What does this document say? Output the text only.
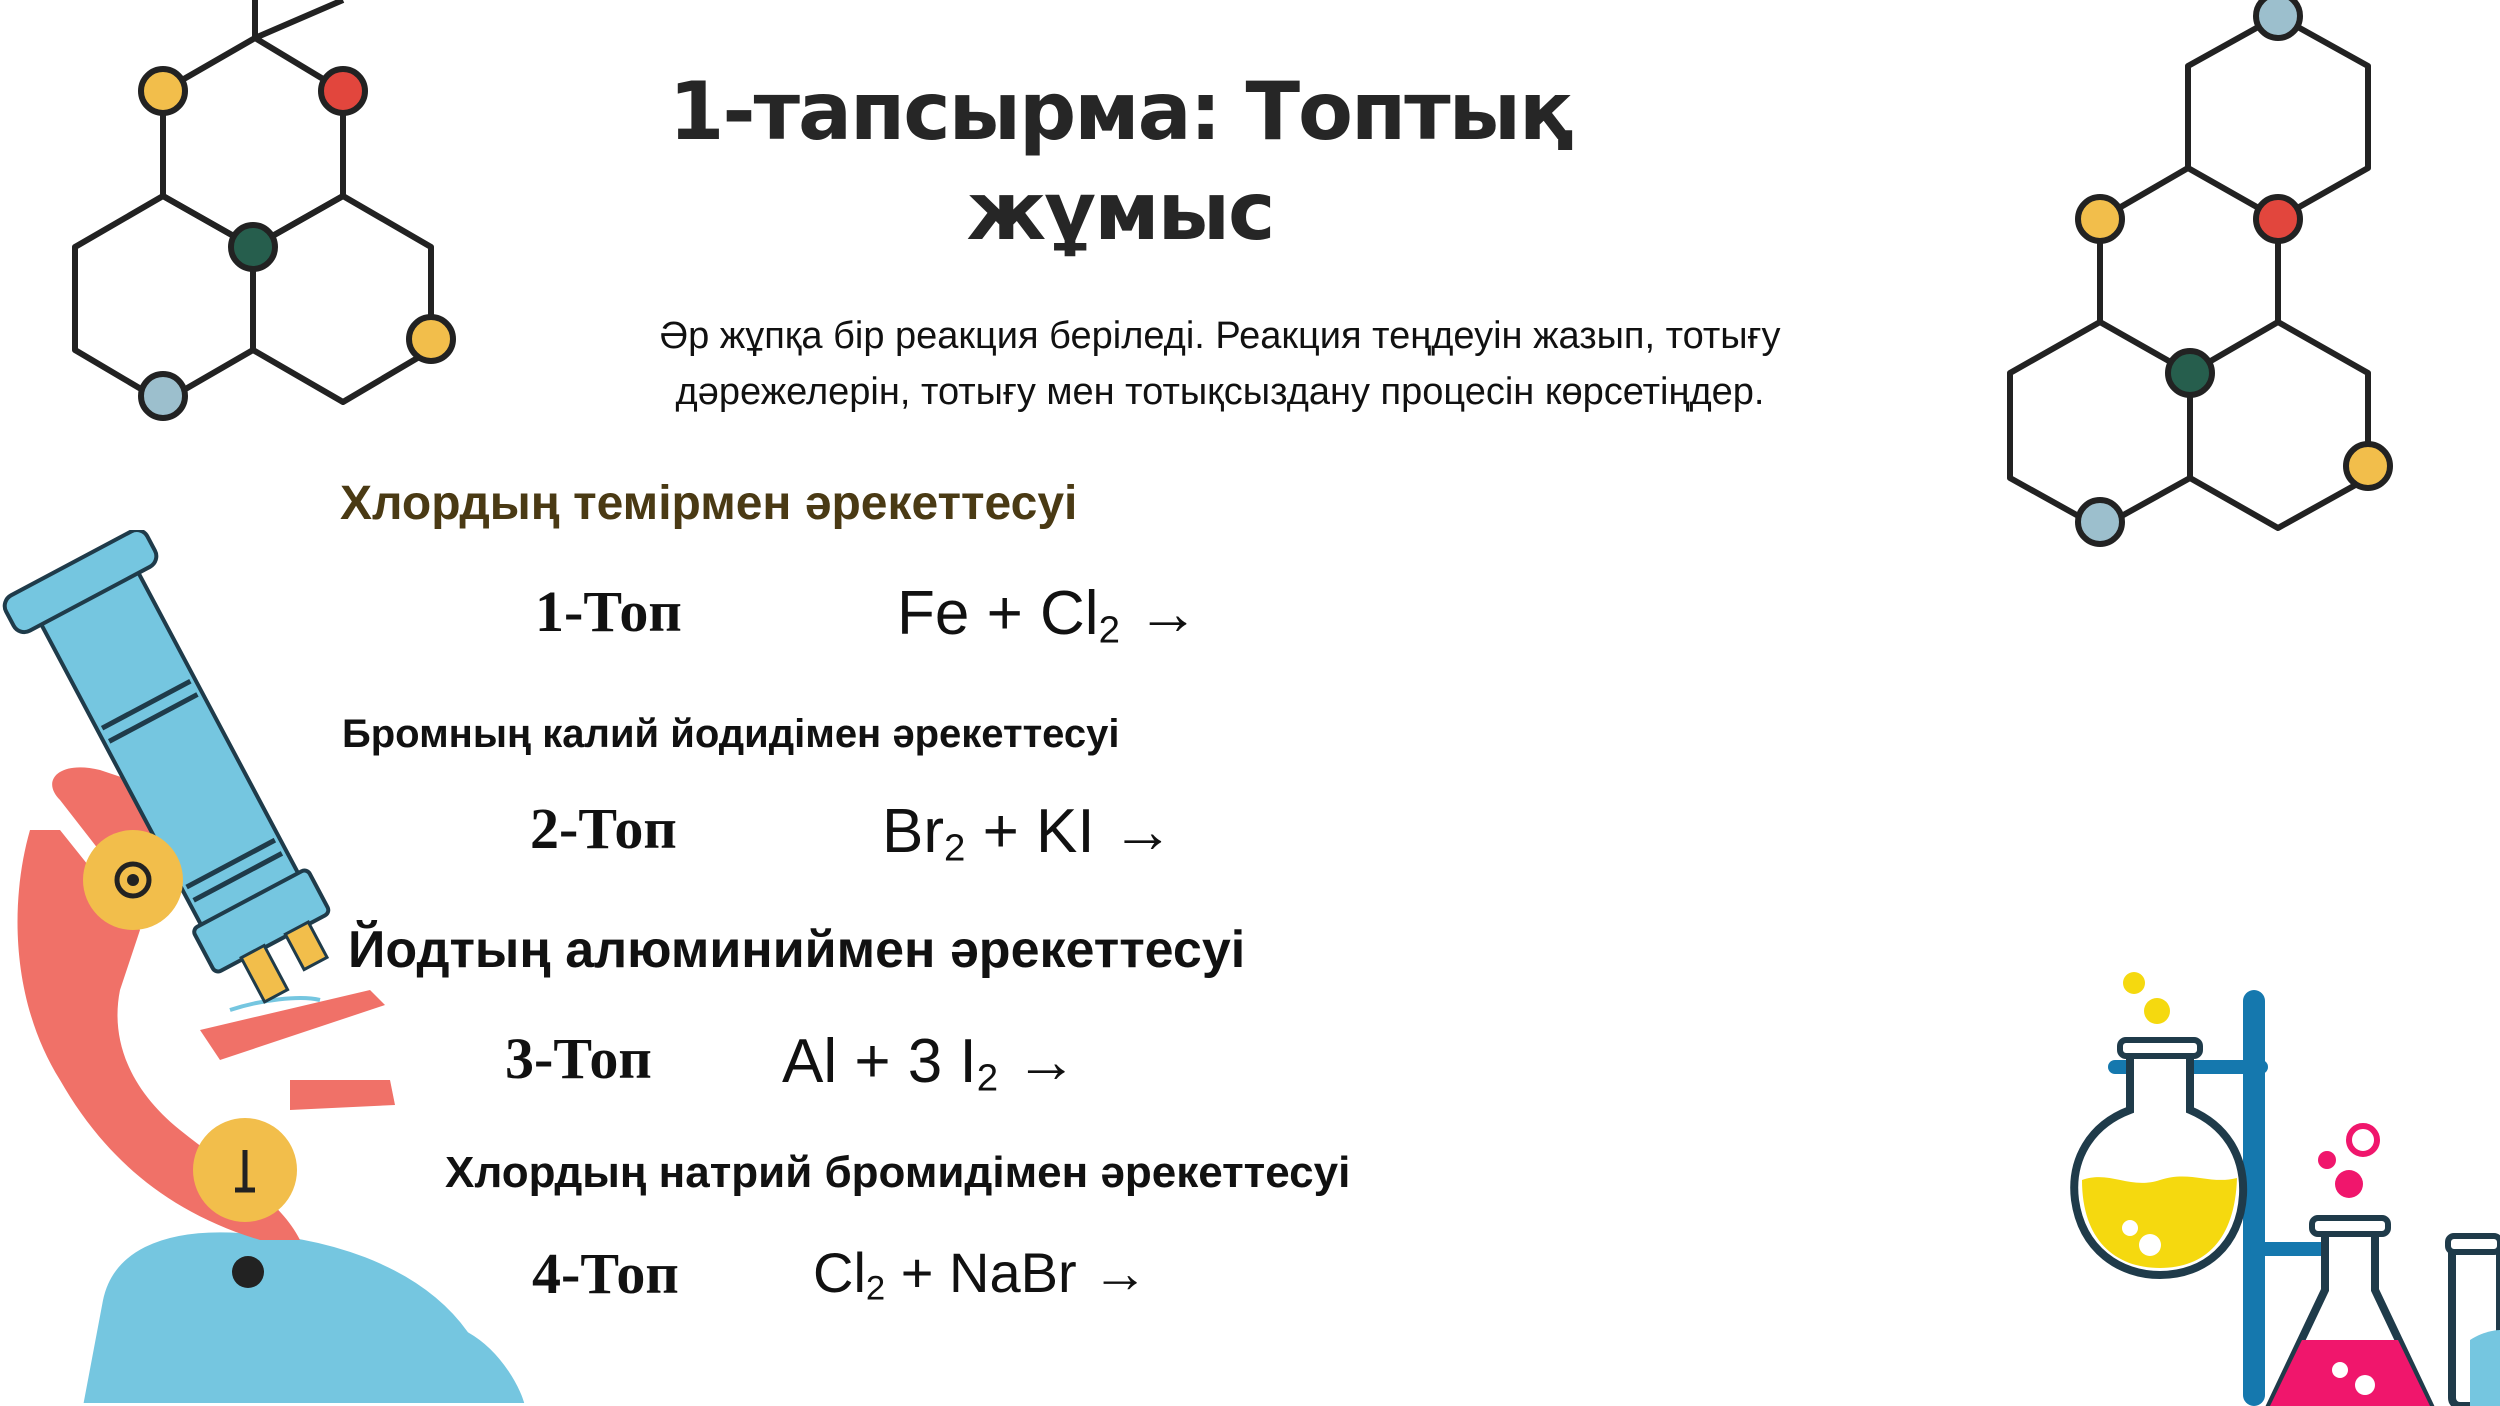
1-тапсырма: Топтық
жұмыс
Әр жұпқа бір реакция беріледі. Реакция теңдеуін жазып, тотығу
дәрежелерін, тотығу мен тотықсыздану процесін көрсетіңдер.
Хлордың темірмен әрекеттесуі
1-Топ	$Fe + Cl_2$ →
Бромның калий йодидімен әрекеттесуі
2-Топ	$Br_2$ + KI →
Йодтың алюминиймен әрекеттесуі
3-Топ Al + 3 $I_2$ →
Хлордың натрий бромидімен әрекеттесуі
4-Топ $Cl_2$ + NaBr →
